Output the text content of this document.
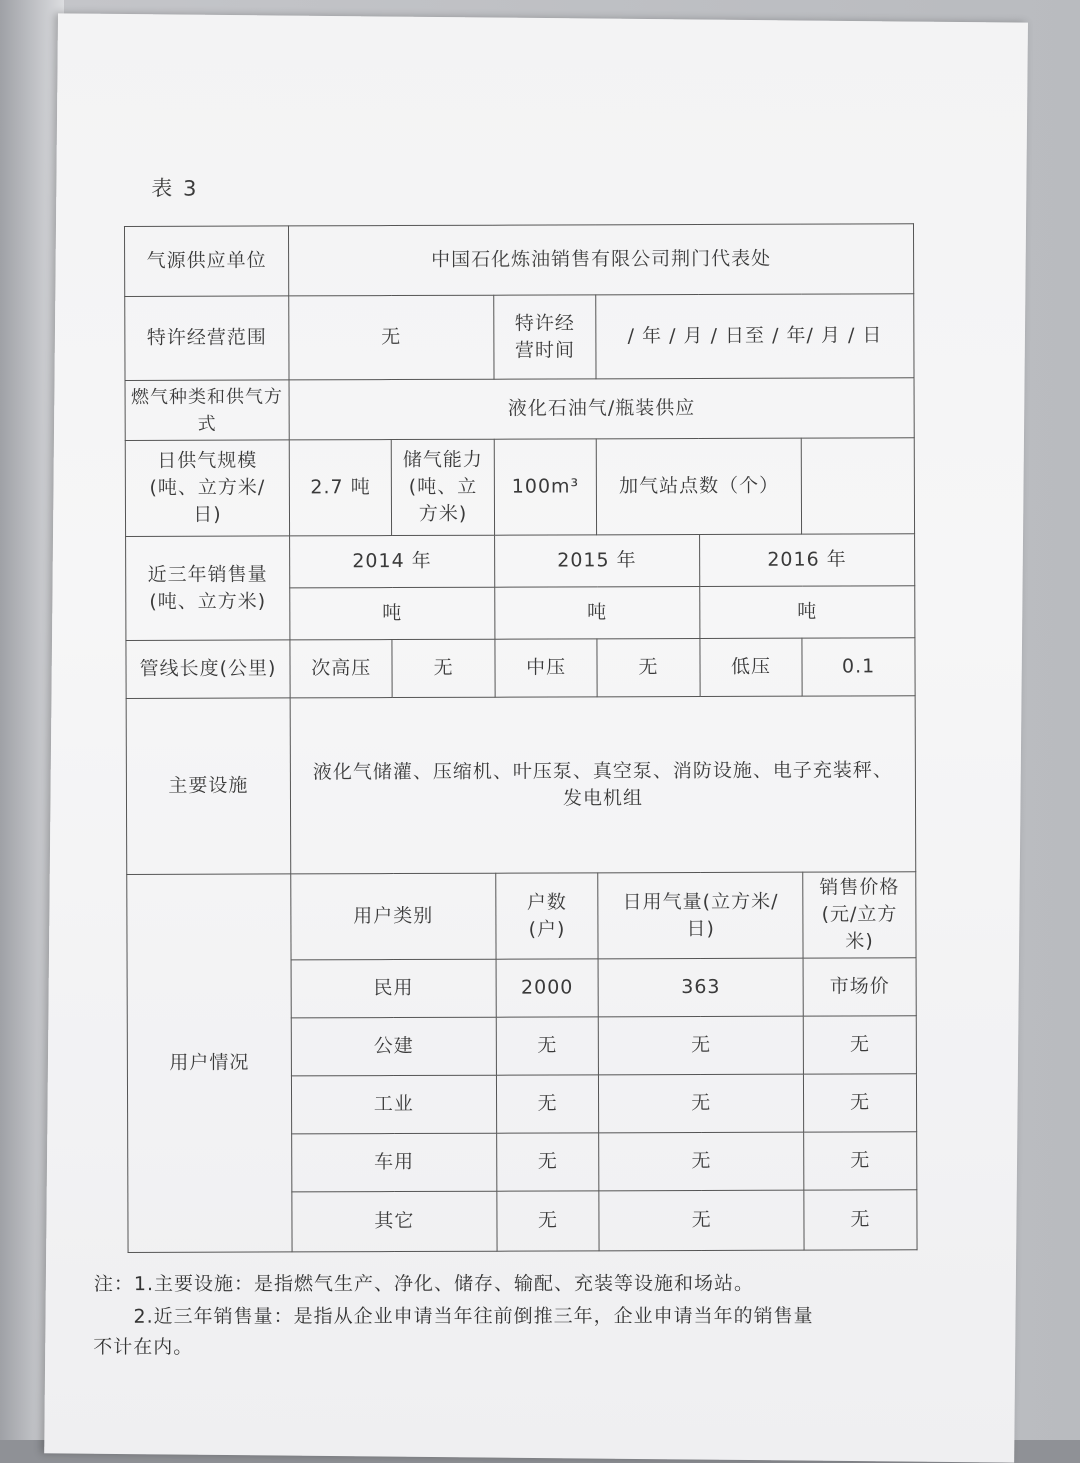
表 3
气源供应单位	中国石化炼油销售有限公司荆门代表处					
特许经营范围	无		特许经营时间	/ 年 / 月 / 日至 / 年/ 月 / 日		
燃气种类和供气方式	液化石油气/瓶装供应					
日供气规模(吨、立方米/日)	2.7 吨	储气能力(吨、立方米)	100m³	加气站点数（个）		
近三年销售量(吨、立方米)	2014 年		2015 年		2016 年	
	吨		吨		吨	
管线长度(公里)	次高压	无	中压	无	低压	0.1
主要设施	液化气储灌、压缩机、叶压泵、真空泵、消防设施、电子充装秤、发电机组					
用户情况	用户类别		户数(户)	日用气量(立方米/日)		销售价格(元/立方米)
	民用		2000	363		市场价
	公建		无	无		无
	工业		无	无		无
	车用		无	无		无
	其它		无	无		无
注：1.主要设施：是指燃气生产、净化、储存、输配、充装等设施和场站。
2.近三年销售量：是指从企业申请当年往前倒推三年，企业申请当年的销售量
不计在内。
